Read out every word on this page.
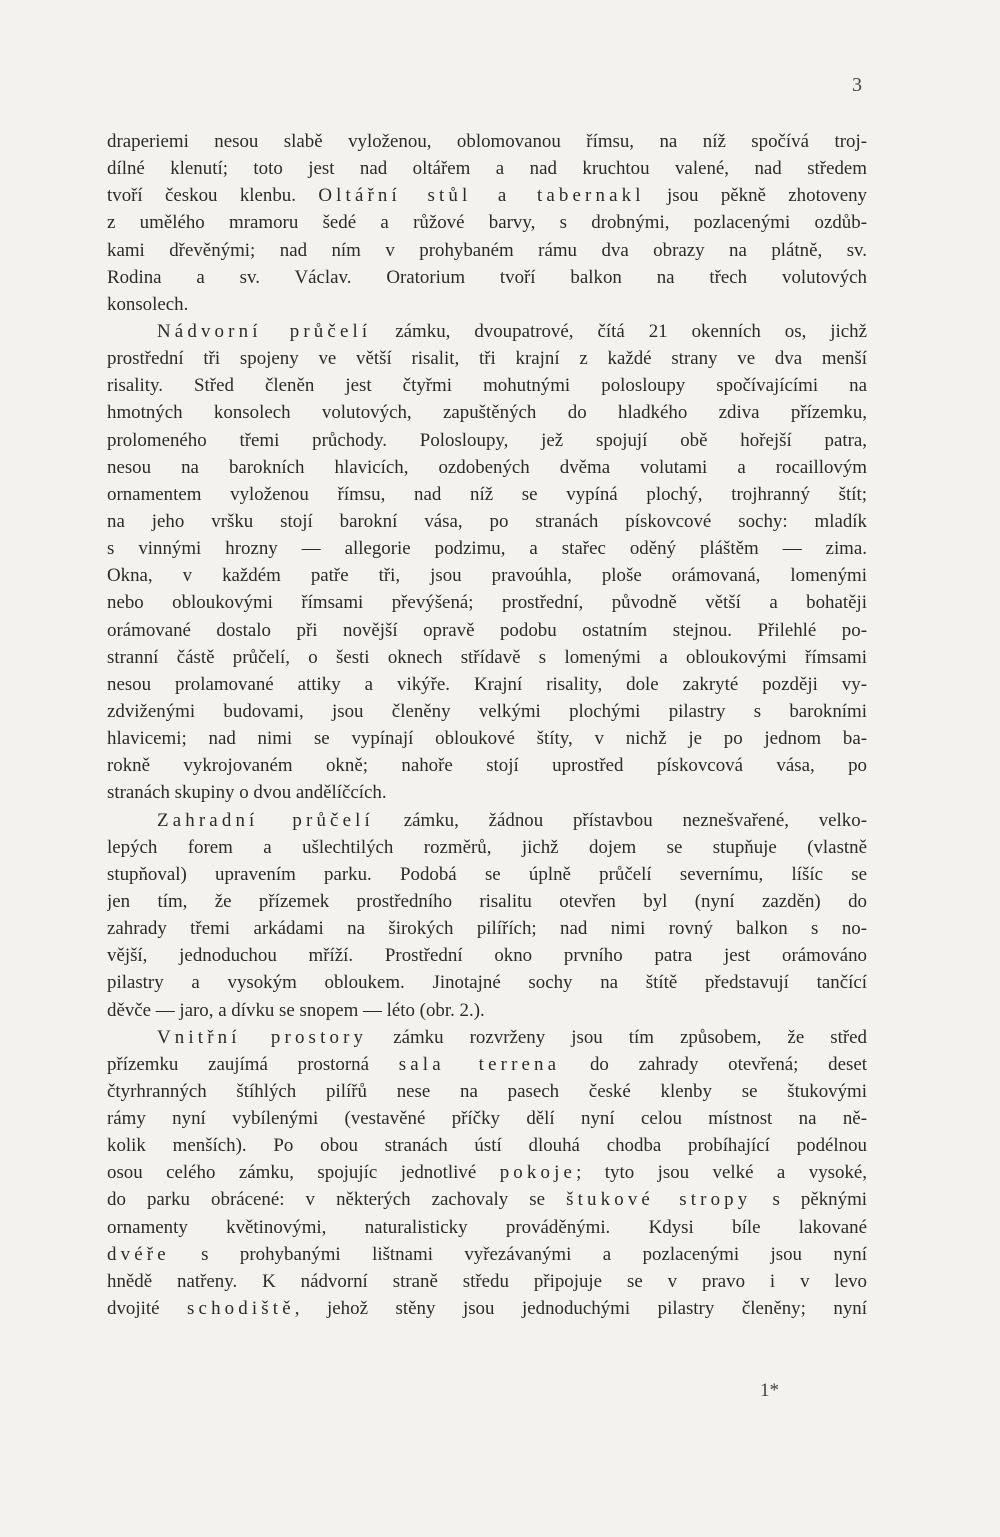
3
draperiemi nesou slabě vyloženou, oblomovanou římsu, na níž spočívá troj-
dílné klenutí; toto jest nad oltářem a nad kruchtou valené, nad středem
tvoří českou klenbu. Oltářní stůl a tabernakl jsou pěkně zhotoveny
z umělého mramoru šedé a růžové barvy, s drobnými, pozlacenými ozdůb-
kami dřevěnými; nad ním v prohybaném rámu dva obrazy na plátně, sv.
Rodina a sv. Václav. Oratorium tvoří balkon na třech volutových
konsolech.
Nádvorní průčelí zámku, dvoupatrové, čítá 21 okenních os, jichž
prostřední tři spojeny ve větší risalit, tři krajní z každé strany ve dva menší
risality. Střed členěn jest čtyřmi mohutnými polosloupy spočívajícími na
hmotných konsolech volutových, zapuštěných do hladkého zdiva přízemku,
prolomeného třemi průchody. Polosloupy, jež spojují obě hořejší patra,
nesou na barokních hlavicích, ozdobených dvěma volutami a rocaillovým
ornamentem vyloženou římsu, nad níž se vypíná plochý, trojhranný štít;
na jeho vršku stojí barokní vása, po stranách pískovcové sochy: mladík
s vinnými hrozny — allegorie podzimu, a stařec oděný pláštěm — zima.
Okna, v každém patře tři, jsou pravoúhla, ploše orámovaná, lomenými
nebo obloukovými římsami převýšená; prostřední, původně větší a bohatěji
orámované dostalo při novější opravě podobu ostatním stejnou. Přilehlé po-
stranní částě průčelí, o šesti oknech střídavě s lomenými a obloukovými římsami
nesou prolamované attiky a vikýře. Krajní risality, dole zakryté později vy-
zdviženými budovami, jsou členěny velkými plochými pilastry s barokními
hlavicemi; nad nimi se vypínají obloukové štíty, v nichž je po jednom ba-
rokně vykrojovaném okně; nahoře stojí uprostřed pískovcová vása, po
stranách skupiny o dvou andělíčcích.
Zahradní průčelí zámku, žádnou přístavbou neznešvařené, velko-
lepých forem a ušlechtilých rozměrů, jichž dojem se stupňuje (vlastně
stupňoval) upravením parku. Podobá se úplně průčelí severnímu, líšíc se
jen tím, že přízemek prostředního risalitu otevřen byl (nyní zazděn) do
zahrady třemi arkádami na širokých pilířích; nad nimi rovný balkon s no-
vější, jednoduchou mříží. Prostřední okno prvního patra jest orámováno
pilastry a vysokým obloukem. Jinotajné sochy na štítě představují tančící
děvče — jaro, a dívku se snopem — léto (obr. 2.).
Vnitřní prostory zámku rozvrženy jsou tím způsobem, že střed
přízemku zaujímá prostorná sala terrena do zahrady otevřená; deset
čtyrhranných štíhlých pilířů nese na pasech české klenby se štukovými
rámy nyní vybílenými (vestavěné příčky dělí nyní celou místnost na ně-
kolik menších). Po obou stranách ústí dlouhá chodba probíhající podélnou
osou celého zámku, spojujíc jednotlivé pokoje; tyto jsou velké a vysoké,
do parku obrácené: v některých zachovaly se štukové stropy s pěknými
ornamenty květinovými, naturalisticky prováděnými. Kdysi bíle lakované
dvéře s prohybanými lištnami vyřezávanými a pozlacenými jsou nyní
hnědě natřeny. K nádvorní straně středu připojuje se v pravo i v levo
dvojité schodiště, jehož stěny jsou jednoduchými pilastry členěny; nyní
1*
